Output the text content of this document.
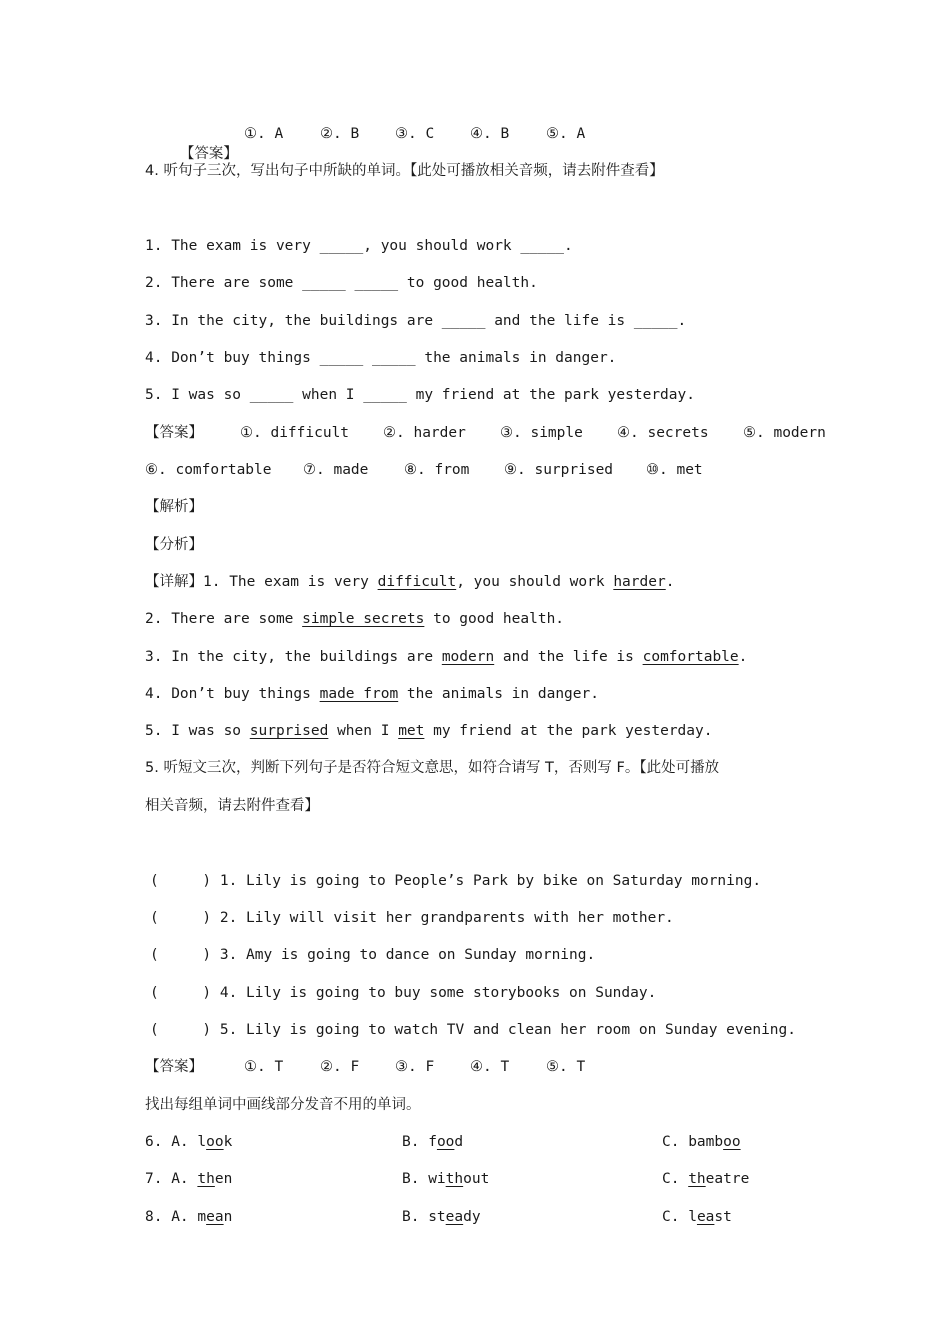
【答案】

①. A	②. B ③. C ④. B	⑤. A
4. 听句子三次，写出句子中所缺的单词。【此处可播放相关音频，请去附件查看】
1. The exam is very _____, you should work _____.
2. There are some _____ _____ to good health.
3. In the city, the buildings are _____ and the life is _____.
4. Don’t buy things _____ _____ the animals in danger.
5. I was so _____ when I _____ my friend at the park yesterday.
【答案】	①. difficult ②. harder ③. simple ④. secrets ⑤. modern
⑥. comfortable ⑦. made ⑧. from ⑨. surprised ⑩. met
【解析】
【分析】
【详解】1. The exam is very difficult, you should work harder.
2. There are some simple secrets to good health.
3. In the city, the buildings are modern and the life is comfortable.
4. Don’t buy things made from the animals in danger.
5. I was so surprised when I met my friend at the park yesterday.
5. 听短文三次，判断下列句子是否符合短文意思，如符合请写 T，否则写 F。【此处可播放
相关音频，请去附件查看】
(     ) 1. Lily is going to People’s Park by bike on Saturday morning.
(     ) 2. Lily will visit her grandparents with her mother.
(     ) 3. Amy is going to dance on Sunday morning.
(     ) 4. Lily is going to buy some storybooks on Sunday.
(     ) 5. Lily is going to watch TV and clean her room on Sunday evening.
【答案】	①. T	②. F ③. F ④. T	⑤. T
找出每组单词中画线部分发音不用的单词。
6. A. look	B. food	C. bamboo
7. A. then	B. without	C. theatre
8. A. mean	B. steady	C. least
